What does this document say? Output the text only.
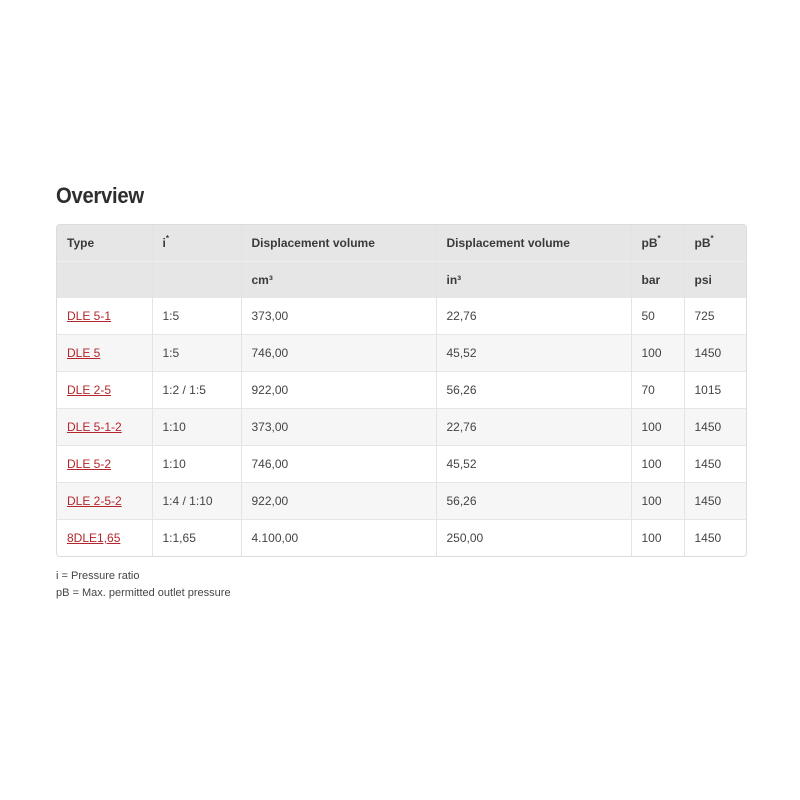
Overview
Type	i*	Displacement volume	Displacement volume	pB*	pB*
		cm³	in³	bar	psi
DLE 5-1	1:5	373,00	22,76	50	725
DLE 5	1:5	746,00	45,52	100	1450
DLE 2-5	1:2 / 1:5	922,00	56,26	70	1015
DLE 5-1-2	1:10	373,00	22,76	100	1450
DLE 5-2	1:10	746,00	45,52	100	1450
DLE 2-5-2	1:4 / 1:10	922,00	56,26	100	1450
8DLE1,65	1:1,65	4.100,00	250,00	100	1450
i = Pressure ratio
pB = Max. permitted outlet pressure
